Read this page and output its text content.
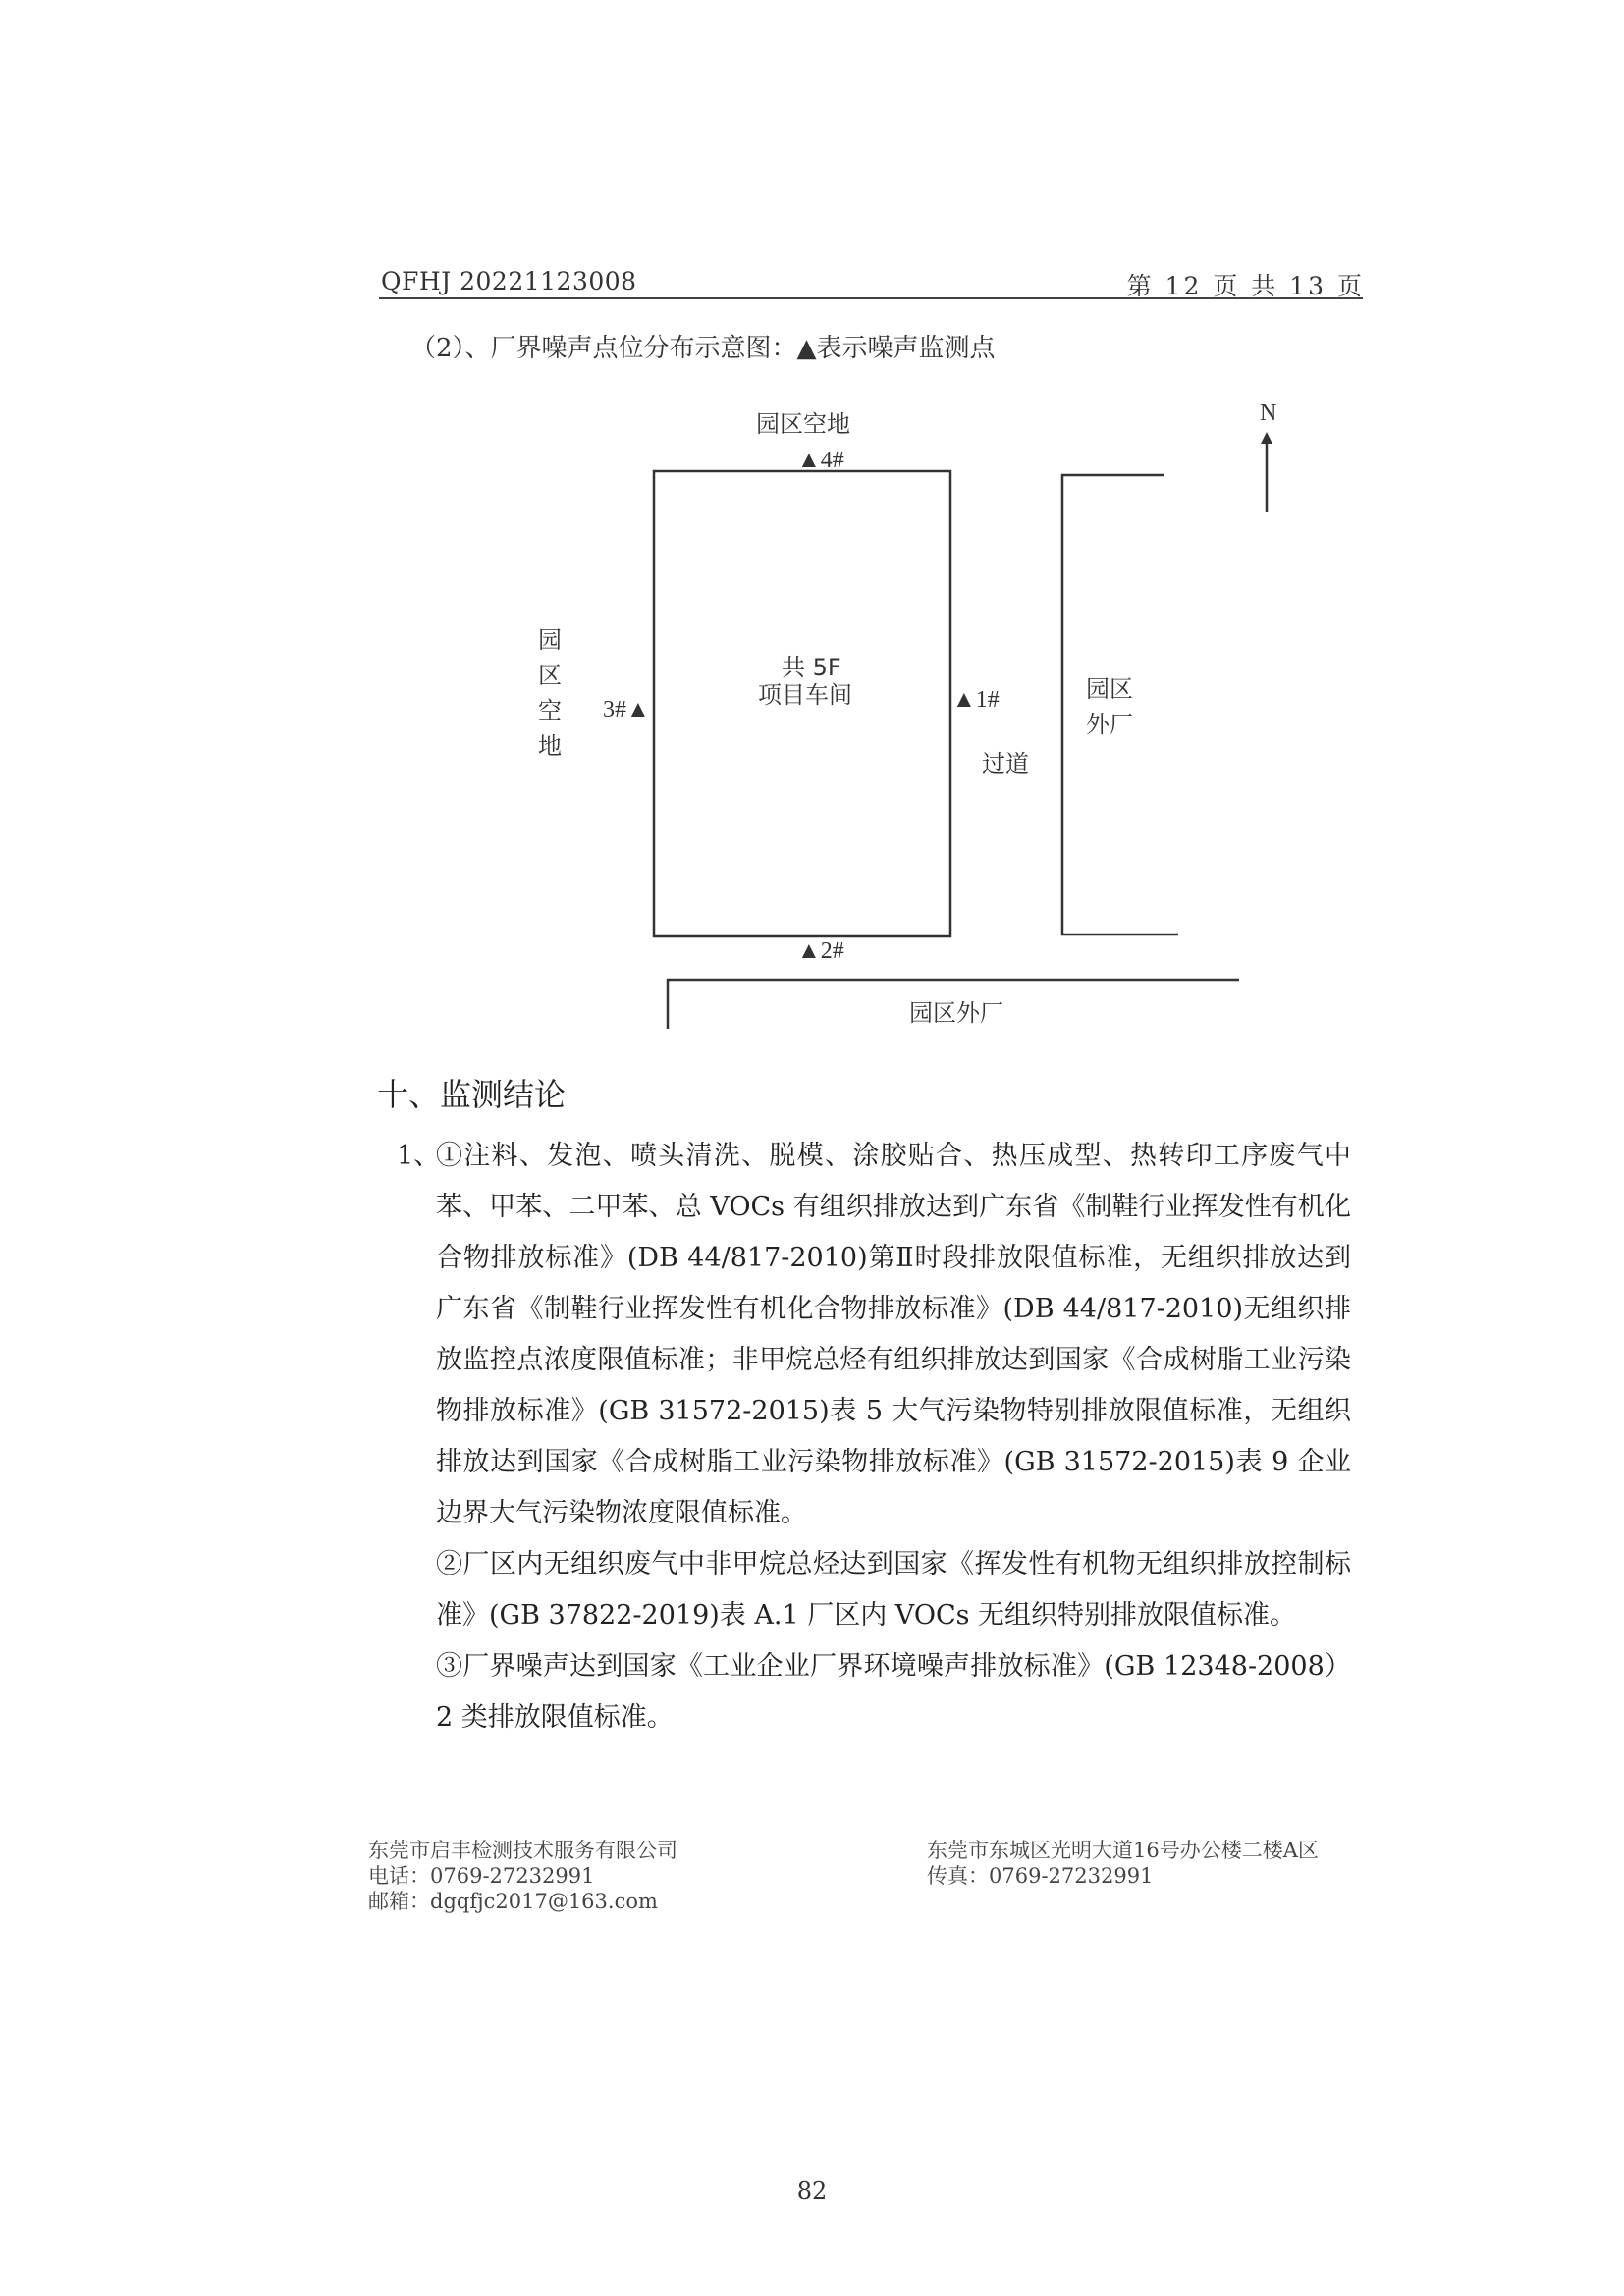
QFHJ 20221123008	第 12 页 共 13 页
（2）、厂界噪声点位分布示意图：▲表示噪声监测点
N
园区空地
▲4#
▲2#
▲1#
3#▲
共 5F
项目车间
过道
园区
外厂
园区外厂
园区空地
十、监测结论
1、
①注料、发泡、喷头清洗、脱模、涂胶贴合、热压成型、热转印工序废气中苯、甲苯、二甲苯、总 VOCs 有组织排放达到广东省《制鞋行业挥发性有机化合物排放标准》(DB 44/817-2010)第Ⅱ时段排放限值标准，无组织排放达到广东省《制鞋行业挥发性有机化合物排放标准》(DB 44/817-2010)无组织排放监控点浓度限值标准；非甲烷总烃有组织排放达到国家《合成树脂工业污染物排放标准》(GB 31572-2015)表 5 大气污染物特别排放限值标准，无组织排放达到国家《合成树脂工业污染物排放标准》(GB 31572-2015)表 9 企业边界大气污染物浓度限值标准。
②厂区内无组织废气中非甲烷总烃达到国家《挥发性有机物无组织排放控制标准》(GB 37822-2019)表 A.1 厂区内 VOCs 无组织特别排放限值标准。
③厂界噪声达到国家《工业企业厂界环境噪声排放标准》(GB 12348-2008）2 类排放限值标准。
东莞市启丰检测技术服务有限公司
电话：0769-27232991
邮箱：dgqfjc2017@163.com
东莞市东城区光明大道16号办公楼二楼A区
传真：0769-27232991
82
